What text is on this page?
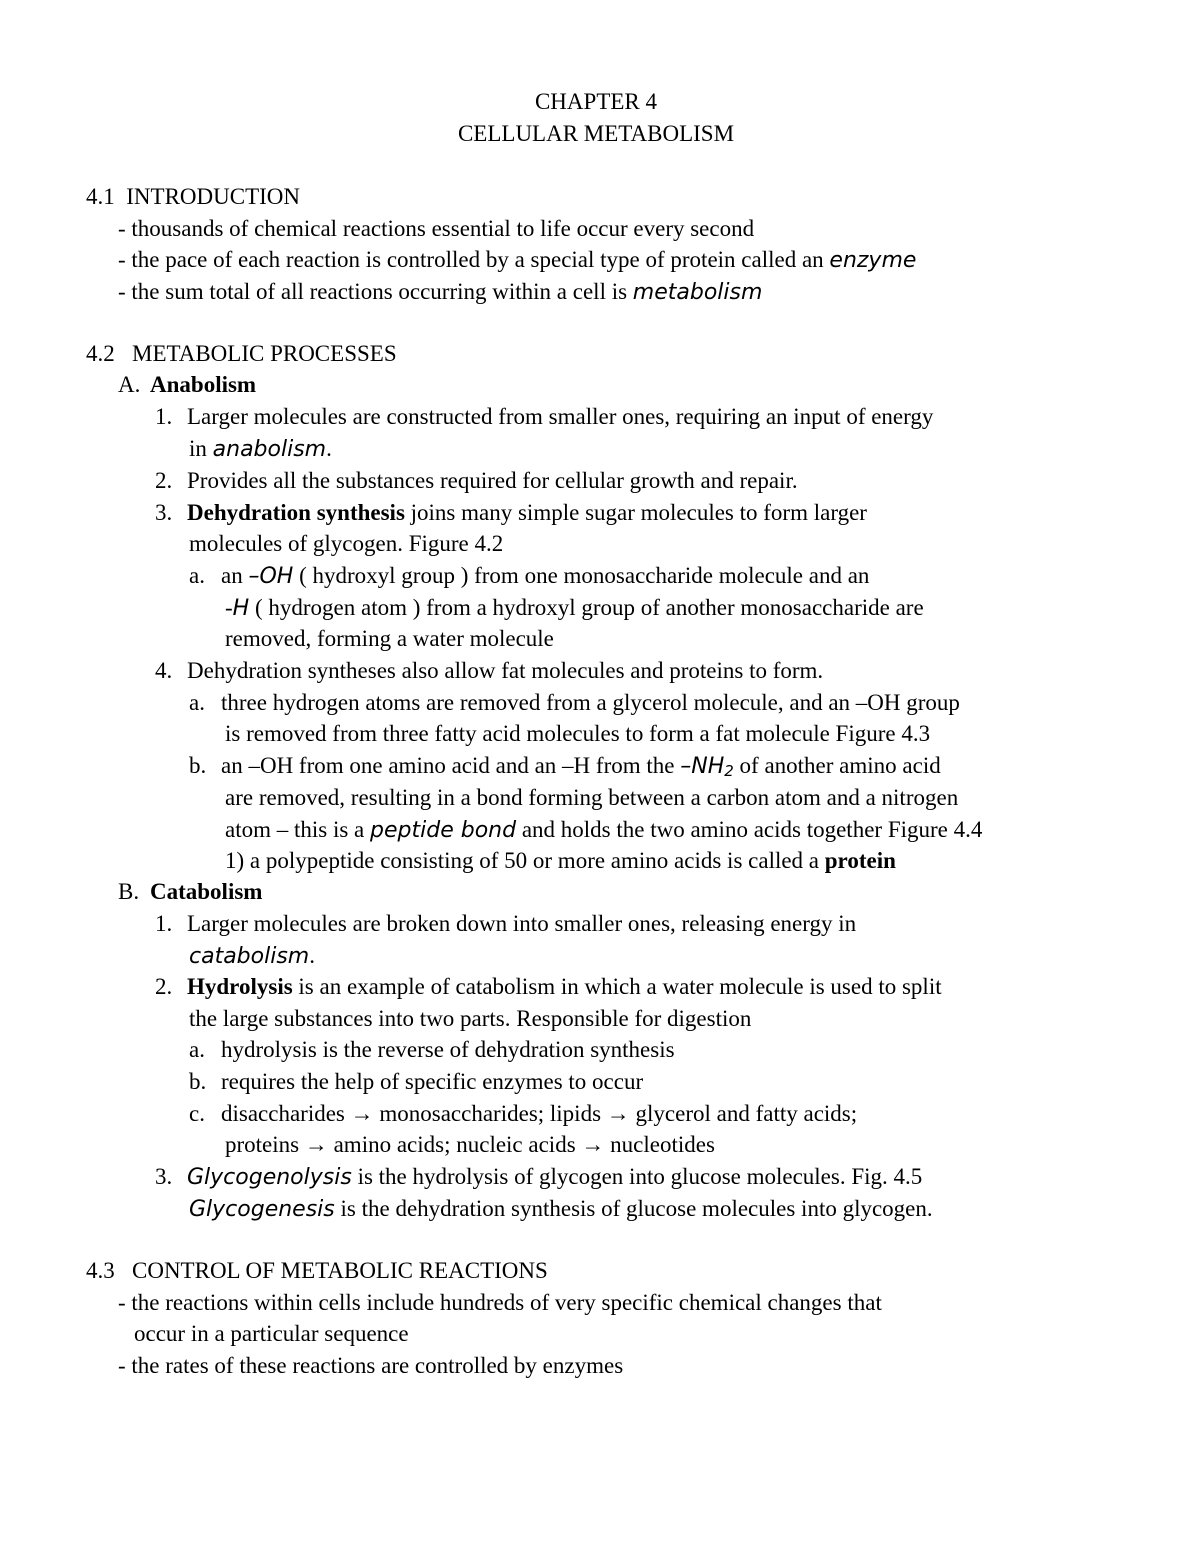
CHAPTER 4
CELLULAR METABOLISM
4.1 INTRODUCTION
- thousands of chemical reactions essential to life occur every second
- the pace of each reaction is controlled by a special type of protein called an enzyme
- the sum total of all reactions occurring within a cell is metabolism
4.2 METABOLIC PROCESSES
A. Anabolism
1. Larger molecules are constructed from smaller ones, requiring an input of energy
in anabolism.
2. Provides all the substances required for cellular growth and repair.
3. Dehydration synthesis joins many simple sugar molecules to form larger
molecules of glycogen. Figure 4.2
a. an –OH ( hydroxyl group ) from one monosaccharide molecule and an
-H ( hydrogen atom ) from a hydroxyl group of another monosaccharide are
removed, forming a water molecule
4. Dehydration syntheses also allow fat molecules and proteins to form.
a. three hydrogen atoms are removed from a glycerol molecule, and an –OH group
is removed from three fatty acid molecules to form a fat molecule Figure 4.3
b. an –OH from one amino acid and an –H from the –NH2 of another amino acid
are removed, resulting in a bond forming between a carbon atom and a nitrogen
atom – this is a peptide bond and holds the two amino acids together Figure 4.4
1) a polypeptide consisting of 50 or more amino acids is called a protein
B. Catabolism
1. Larger molecules are broken down into smaller ones, releasing energy in
catabolism.
2. Hydrolysis is an example of catabolism in which a water molecule is used to split
the large substances into two parts. Responsible for digestion
a. hydrolysis is the reverse of dehydration synthesis
b. requires the help of specific enzymes to occur
c. disaccharides → monosaccharides; lipids → glycerol and fatty acids;
proteins → amino acids; nucleic acids → nucleotides
3. Glycogenolysis is the hydrolysis of glycogen into glucose molecules. Fig. 4.5
Glycogenesis is the dehydration synthesis of glucose molecules into glycogen.
4.3 CONTROL OF METABOLIC REACTIONS
- the reactions within cells include hundreds of very specific chemical changes that
occur in a particular sequence
- the rates of these reactions are controlled by enzymes
